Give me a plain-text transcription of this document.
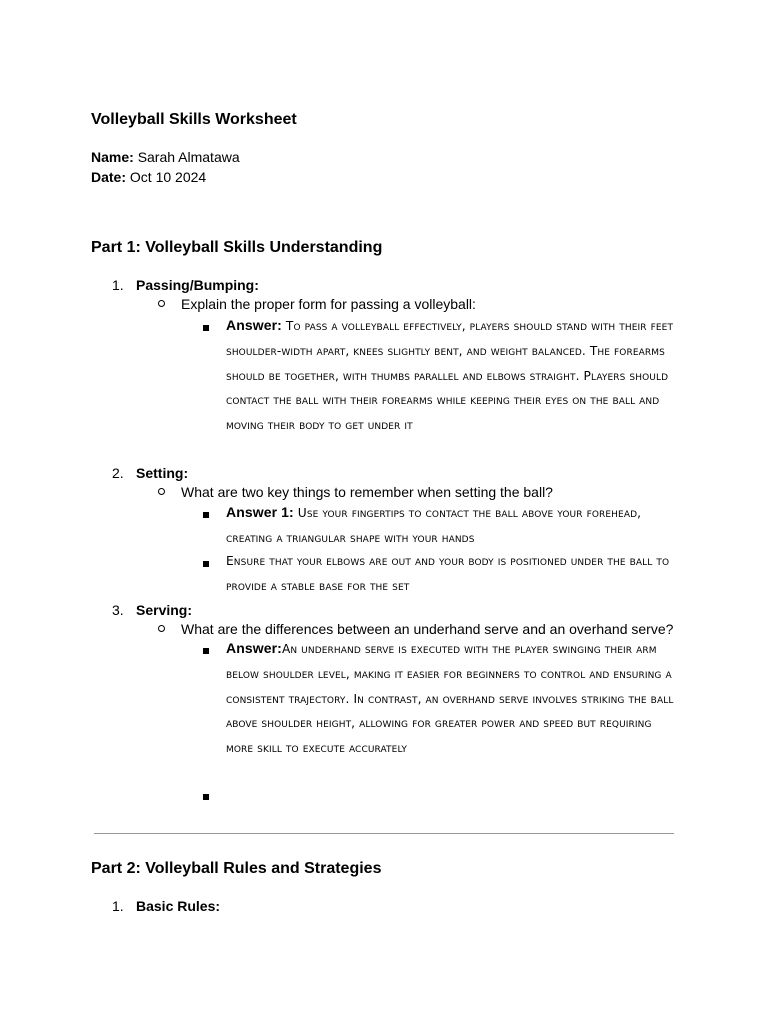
Volleyball Skills Worksheet
Name: Sarah Almatawa
Date: Oct 10 2024
Part 1: Volleyball Skills Understanding
1. Passing/Bumping:
Explain the proper form for passing a volleyball:
Answer: To pass a volleyball effectively, players should stand with their feet shoulder-width apart, knees slightly bent, and weight balanced. The forearms should be together, with thumbs parallel and elbows straight. Players should contact the ball with their forearms while keeping their eyes on the ball and moving their body to get under it
2. Setting:
What are two key things to remember when setting the ball?
Answer 1: Use your fingertips to contact the ball above your forehead, creating a triangular shape with your hands
Ensure that your elbows are out and your body is positioned under the ball to provide a stable base for the set
3. Serving:
What are the differences between an underhand serve and an overhand serve?
Answer:An underhand serve is executed with the player swinging their arm below shoulder level, making it easier for beginners to control and ensuring a consistent trajectory. In contrast, an overhand serve involves striking the ball above shoulder height, allowing for greater power and speed but requiring more skill to execute accurately
Part 2: Volleyball Rules and Strategies
1. Basic Rules:
